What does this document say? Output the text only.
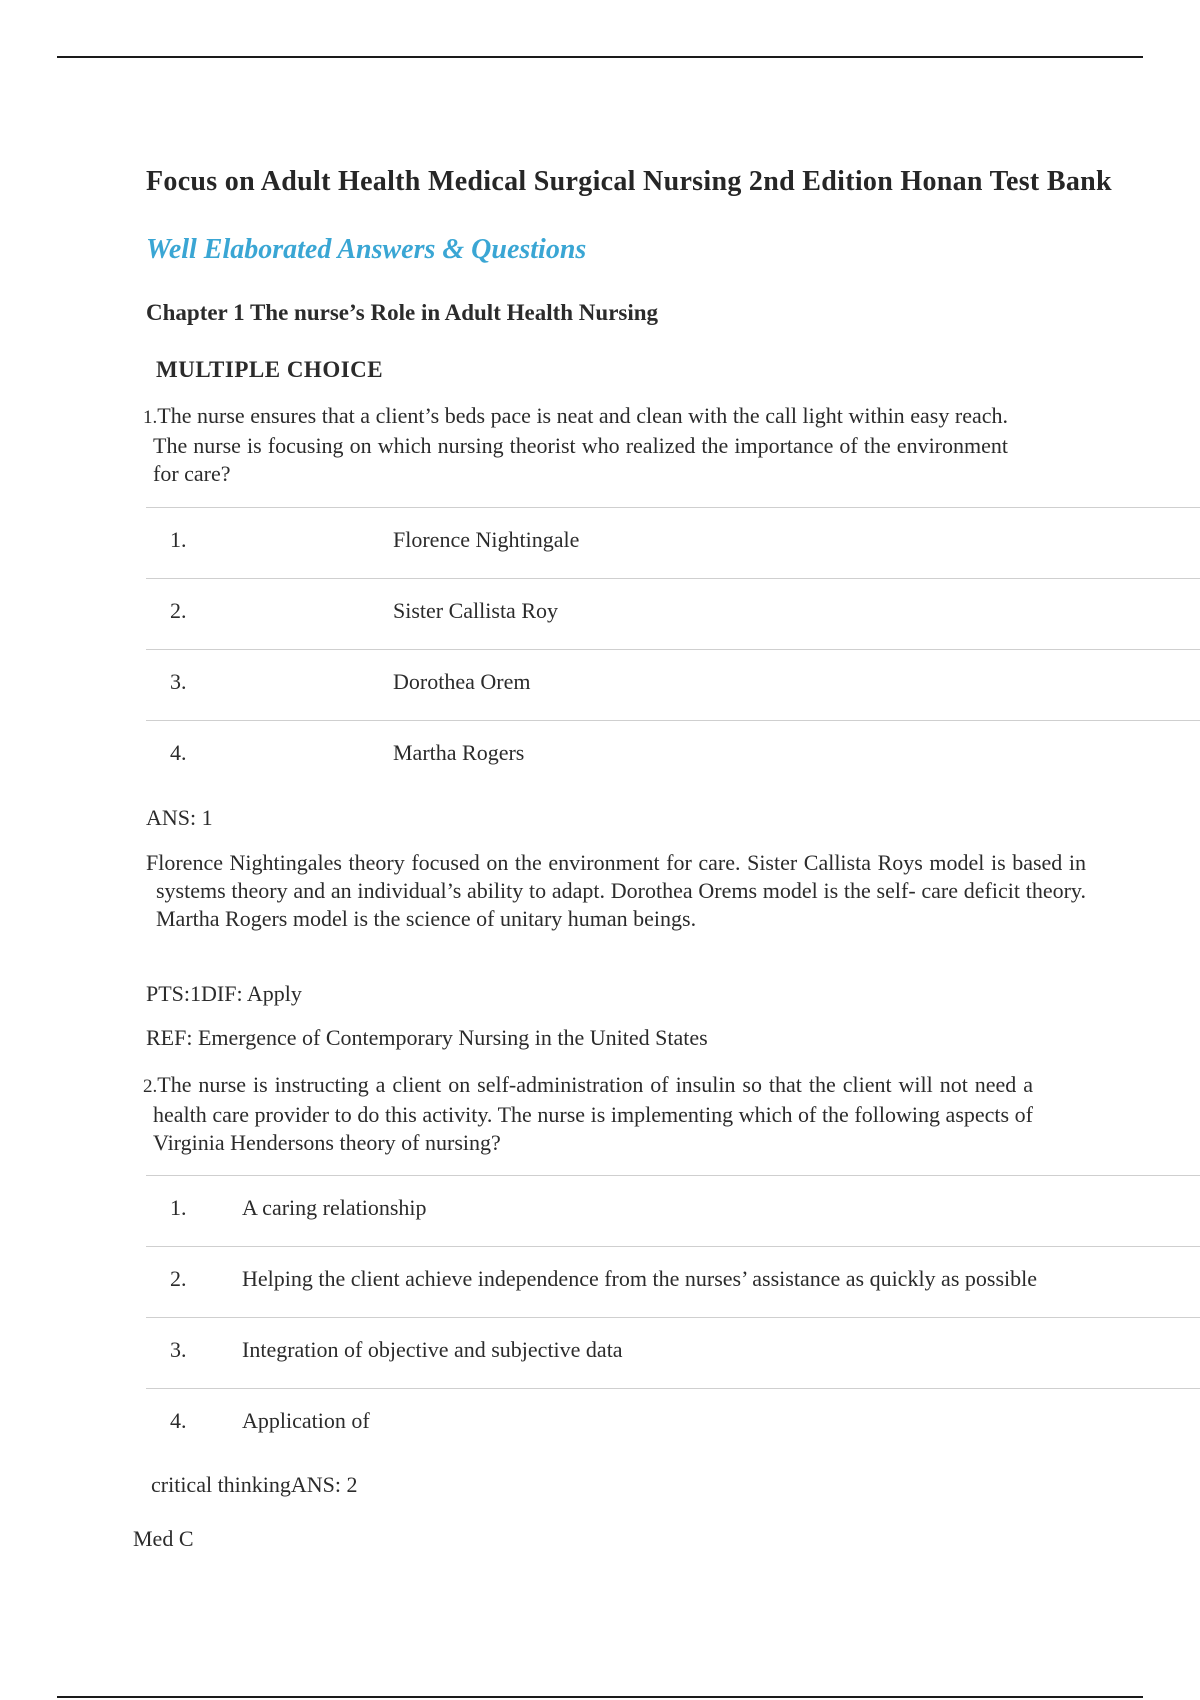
Focus on Adult Health Medical Surgical Nursing 2nd Edition Honan Test Bank
Well Elaborated Answers & Questions
Chapter 1 The nurse’s Role in Adult Health Nursing
MULTIPLE CHOICE
1.The nurse ensures that a client’s beds pace is neat and clean with the call light within easy reach. The nurse is focusing on which nursing theorist who realized the importance of the environment for care?
1.	Florence Nightingale
2.	Sister Callista Roy
3.	Dorothea Orem
4.	Martha Rogers
ANS: 1
Florence Nightingales theory focused on the environment for care. Sister Callista Roys model is based in systems theory and an individual’s ability to adapt. Dorothea Orems model is the self- care deficit theory. Martha Rogers model is the science of unitary human beings.
PTS:1DIF: Apply
REF: Emergence of Contemporary Nursing in the United States
2.The nurse is instructing a client on self-administration of insulin so that the client will not need a health care provider to do this activity. The nurse is implementing which of the following aspects of Virginia Hendersons theory of nursing?
1.	A caring relationship
2.	Helping the client achieve independence from the nurses’ assistance as quickly as possible
3.	Integration of objective and subjective data
4.	Application of
critical thinkingANS: 2
Med C
